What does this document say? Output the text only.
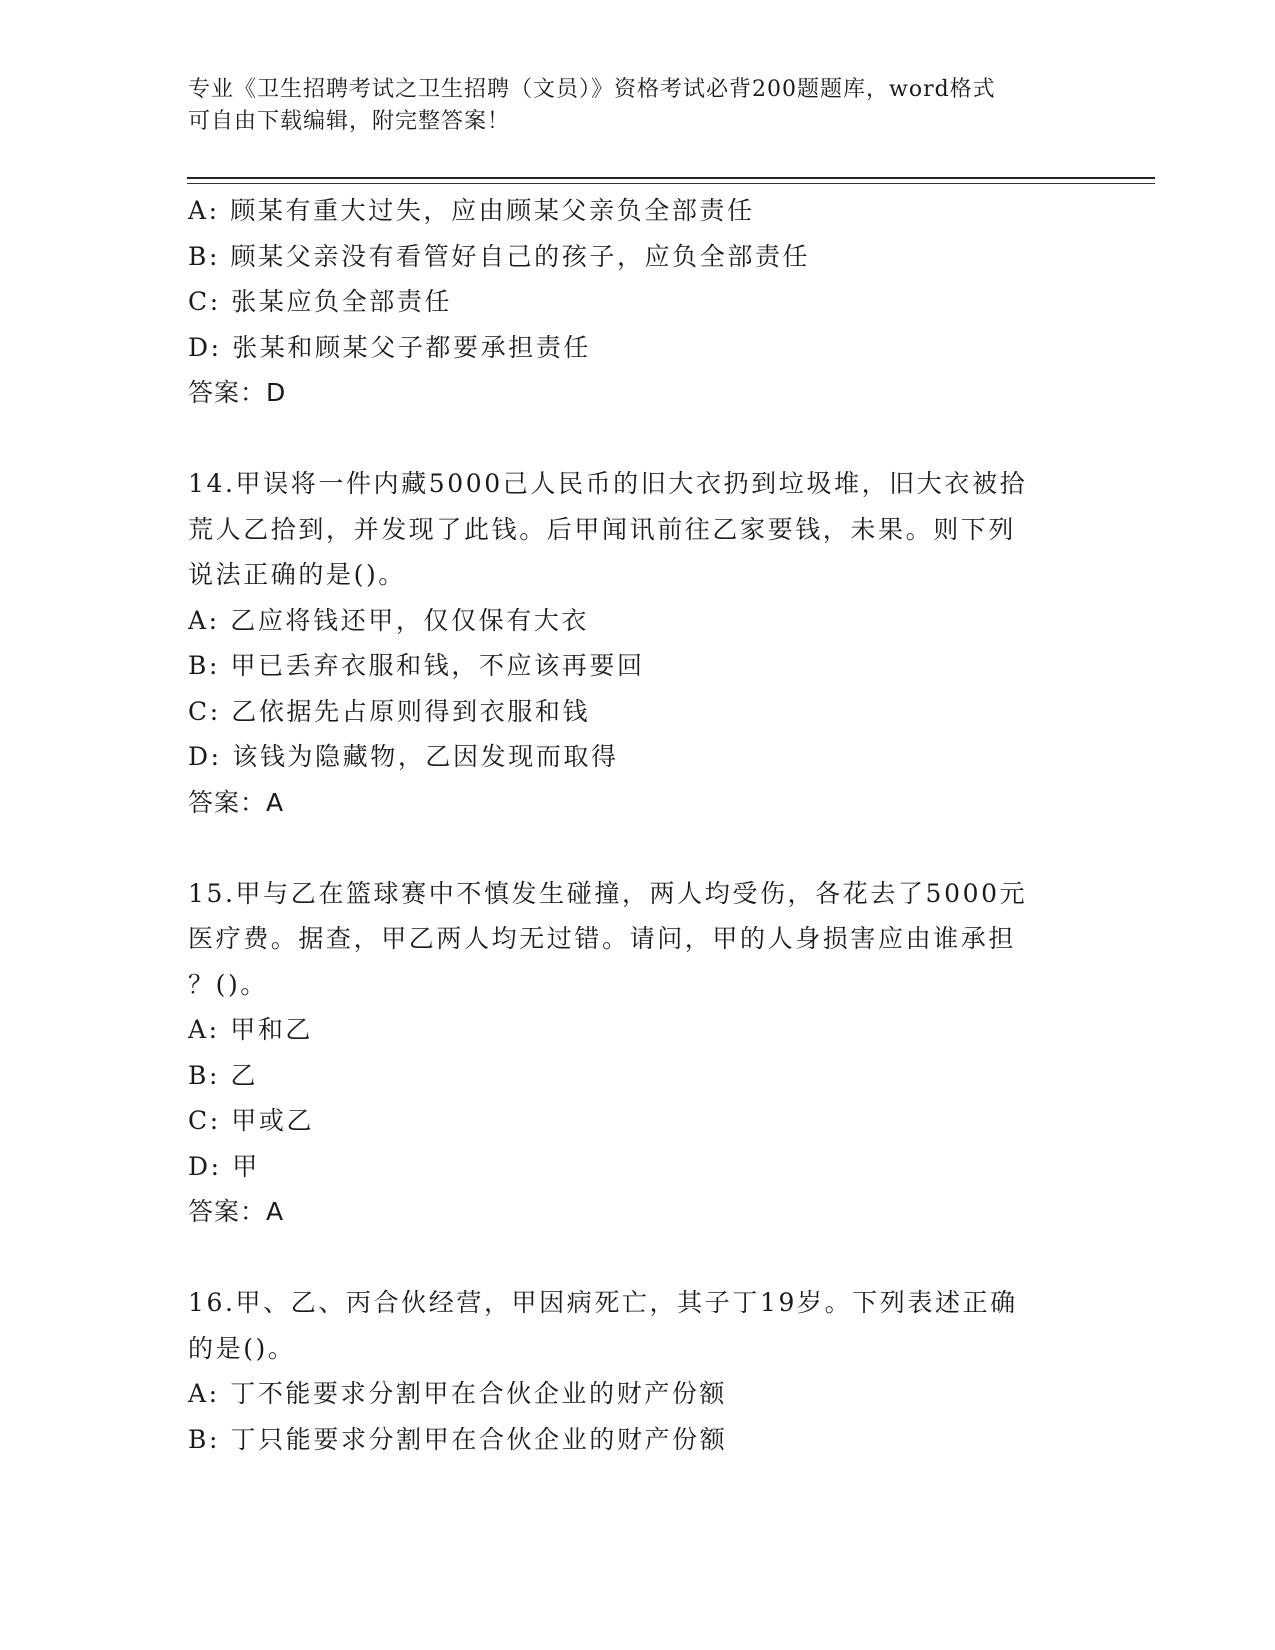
专业《卫生招聘考试之卫生招聘（文员）》资格考试必背200题题库，word格式
可自由下载编辑，附完整答案！
A: 顾某有重大过失，应由顾某父亲负全部责任
B: 顾某父亲没有看管好自己的孩子，应负全部责任
C: 张某应负全部责任
D: 张某和顾某父子都要承担责任
答案：D
14.甲误将一件内藏5000己人民币的旧大衣扔到垃圾堆，旧大衣被拾
荒人乙拾到，并发现了此钱。后甲闻讯前往乙家要钱，未果。则下列
说法正确的是()。
A: 乙应将钱还甲，仅仅保有大衣
B: 甲已丢弃衣服和钱，不应该再要回
C: 乙依据先占原则得到衣服和钱
D: 该钱为隐藏物，乙因发现而取得
答案：A
15.甲与乙在篮球赛中不慎发生碰撞，两人均受伤，各花去了5000元
医疗费。据查，甲乙两人均无过错。请问，甲的人身损害应由谁承担
？()。
A: 甲和乙
B: 乙
C: 甲或乙
D: 甲
答案：A
16.甲、乙、丙合伙经营，甲因病死亡，其子丁19岁。下列表述正确
的是()。
A: 丁不能要求分割甲在合伙企业的财产份额
B: 丁只能要求分割甲在合伙企业的财产份额
